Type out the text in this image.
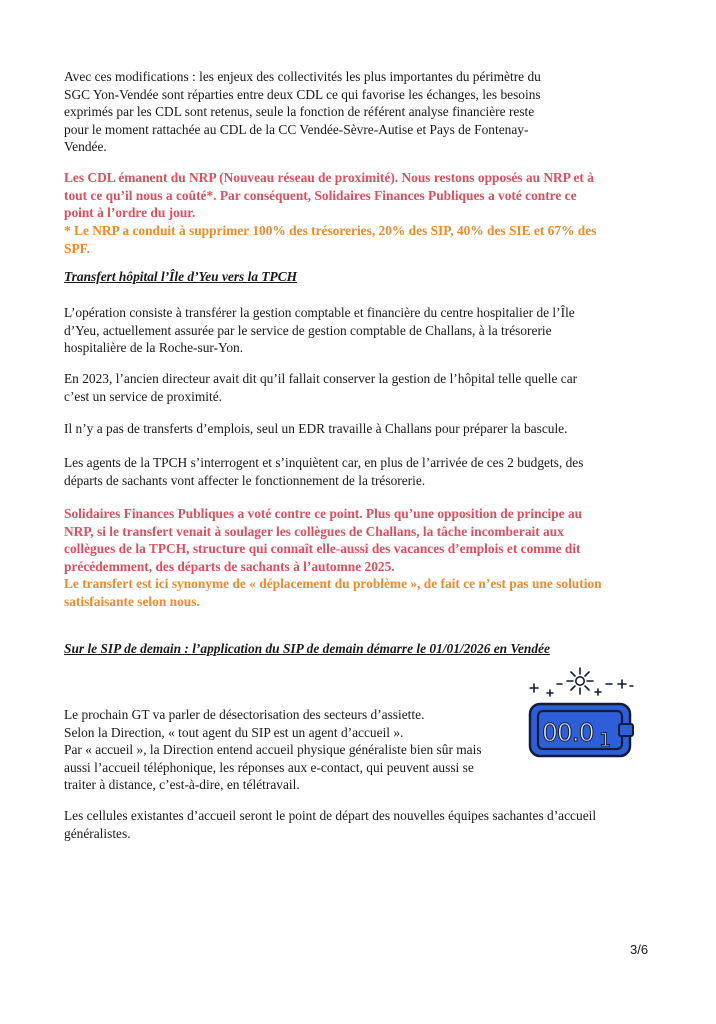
Avec ces modifications : les enjeux des collectivités les plus importantes du périmètre du
SGC Yon-Vendée sont réparties entre deux CDL ce qui favorise les échanges, les besoins
exprimés par les CDL sont retenus, seule la fonction de référent analyse financière reste
pour le moment rattachée au CDL de la CC Vendée-Sèvre-Autise et Pays de Fontenay-
Vendée.
Les CDL émanent du NRP (Nouveau réseau de proximité). Nous restons opposés au NRP et à
tout ce qu’il nous a coûté*. Par conséquent, Solidaires Finances Publiques a voté contre ce
point à l’ordre du jour.
* Le NRP a conduit à supprimer 100% des trésoreries, 20% des SIP, 40% des SIE et 67% des
SPF.
Transfert hôpital l’Île d’Yeu vers la TPCH
L’opération consiste à transférer la gestion comptable et financière du centre hospitalier de l’Île
d’Yeu, actuellement assurée par le service de gestion comptable de Challans, à la trésorerie
hospitalière de la Roche-sur-Yon.
En 2023, l’ancien directeur avait dit qu’il fallait conserver la gestion de l’hôpital telle quelle car
c’est un service de proximité.
Il n’y a pas de transferts d’emplois, seul un EDR travaille à Challans pour préparer la bascule.
Les agents de la TPCH s’interrogent et s’inquiètent car, en plus de l’arrivée de ces 2 budgets, des
départs de sachants vont affecter le fonctionnement de la trésorerie.
Solidaires Finances Publiques a voté contre ce point. Plus qu’une opposition de principe au
NRP, si le transfert venait à soulager les collègues de Challans, la tâche incomberait aux
collègues de la TPCH, structure qui connaît elle-aussi des vacances d’emplois et comme dit
précédemment, des départs de sachants à l’automne 2025.
Le transfert est ici synonyme de « déplacement du problème », de fait ce n’est pas une solution
satisfaisante selon nous.
Sur le SIP de demain : l’application du SIP de demain démarre le 01/01/2026 en Vendée
Le prochain GT va parler de désectorisation des secteurs d’assiette.
Selon la Direction, « tout agent du SIP est un agent d’accueil ».
Par « accueil », la Direction entend accueil physique généraliste bien sûr mais
aussi l’accueil téléphonique, les réponses aux e-contact, qui peuvent aussi se
traiter à distance, c’est-à-dire, en télétravail.
Les cellules existantes d’accueil seront le point de départ des nouvelles équipes sachantes d’accueil
généralistes.
00.0 1
3/6
